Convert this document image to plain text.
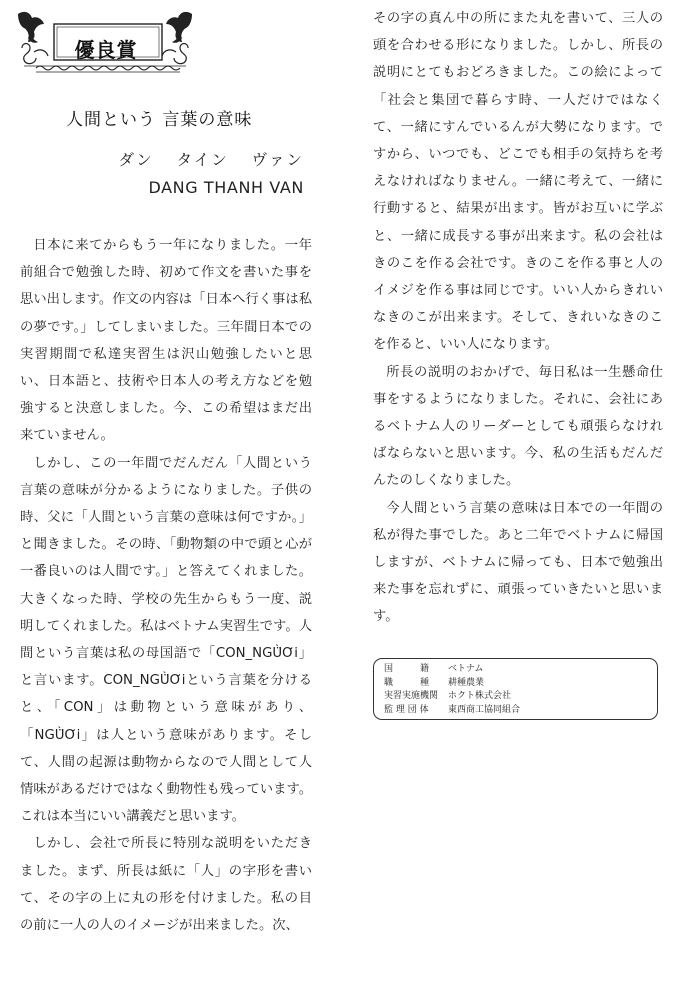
優良賞
人間という 言葉の意味
ダン タイン ヴァン
DANG THANH VAN

日本に来てからもう一年になりました。一年前組合で勉強した時、初めて作文を書いた事を思い出します。作文の内容は「日本へ行く事は私の夢です。」してしまいました。三年間日本での実習期間で私達実習生は沢山勉強したいと思い、日本語と、技術や日本人の考え方などを勉強すると決意しました。今、この希望はまだ出来ていません。

しかし、この一年間でだんだん「人間という言葉の意味が分かるようになりました。子供の時、父に「人間という言葉の意味は何ですか。」と聞きました。その時、「動物類の中で頭と心が一番良いのは人間です。」と答えてくれました。大きくなった時、学校の先生からもう一度、説明してくれました。私はベトナム実習生です。人間という言葉は私の母国語で「CON_NGÙ̈Ơi」と言います。CON_NGÙ̈Ơiという言葉を分けると、「CON」は動物という意味があり、「NGÙ̈Ơi」は人という意味があります。そして、人間の起源は動物からなので人間として人情味があるだけではなく動物性も残っています。これは本当にいい講義だと思います。

しかし、会社で所長に特別な説明をいただきました。まず、所長は紙に「人」の字形を書いて、その字の上に丸の形を付けました。私の目の前に一人の人のイメージが出来ました。次、

その字の真ん中の所にまた丸を書いて、三人の頭を合わせる形になりました。しかし、所長の説明にとてもおどろきました。この絵によって「社会と集団で暮らす時、一人だけではなくて、一緒にすんでいるんが大勢になります。ですから、いつでも、どこでも相手の気持ちを考えなければなりません。一緒に考えて、一緒に行動すると、結果が出ます。皆がお互いに学ぶと、一緒に成長する事が出来ます。私の会社はきのこを作る会社です。きのこを作る事と人のイメジを作る事は同じです。いい人からきれいなきのこが出来ます。そして、きれいなきのこを作ると、いい人になります。

所長の説明のおかげで、毎日私は一生懸命仕事をするようになりました。それに、会社にあるベトナム人のリーダーとしても頑張らなければならないと思います。今、私の生活もだんだんたのしくなりました。

今人間という言葉の意味は日本での一年間の私が得た事でした。あと二年でベトナムに帰国しますが、ベトナムに帰っても、日本で勉強出来た事を忘れずに、頑張っていきたいと思います。

国　　　籍	ベトナム
職　　　種	耕種農業
実習実施機関	ホクト株式会社
監 理 団 体	東西商工協同組合
